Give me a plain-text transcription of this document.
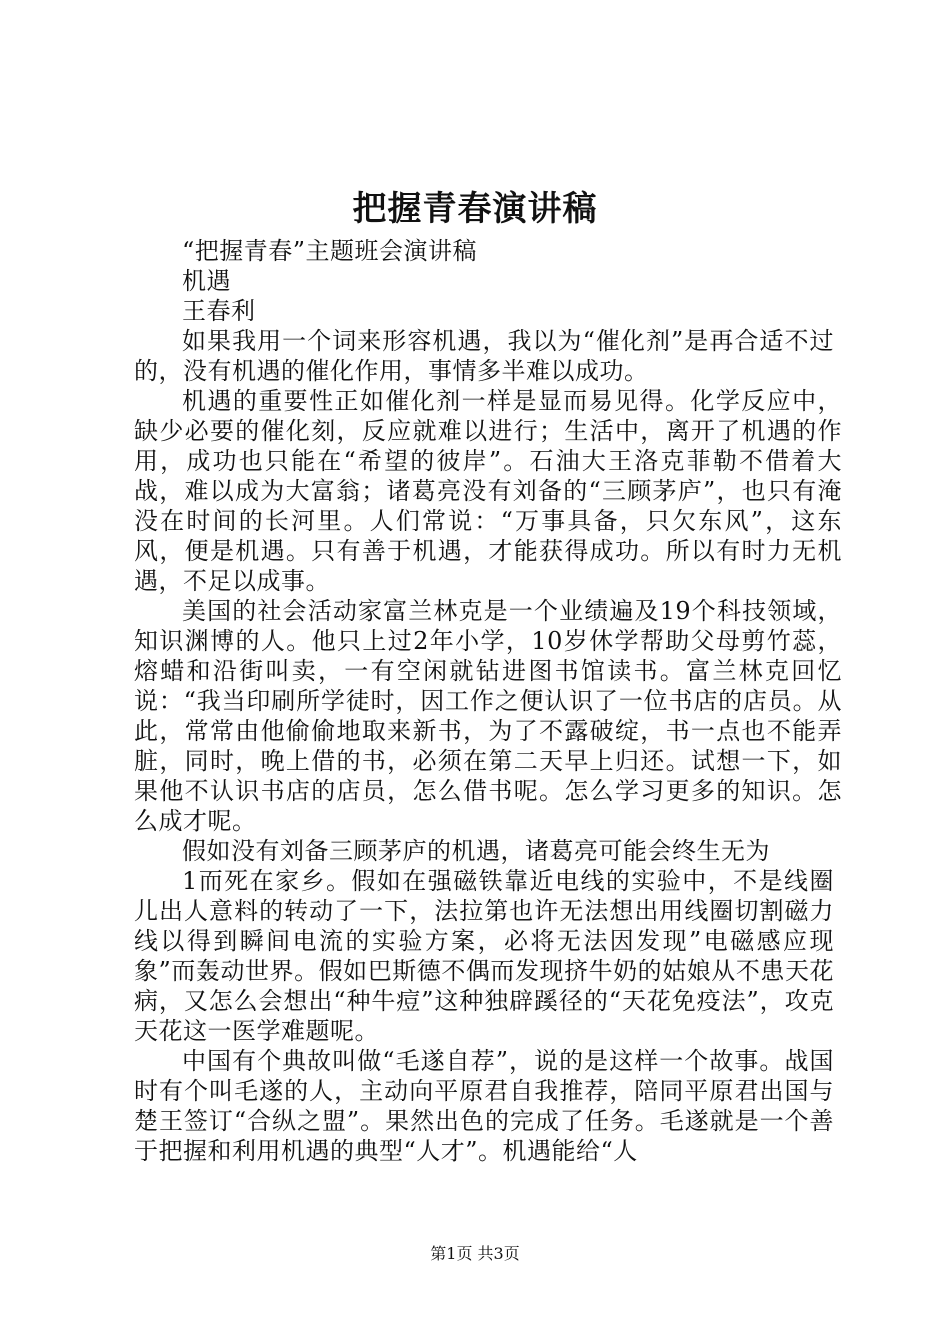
把握青春演讲稿

“把握青春”主题班会演讲稿

机遇

王春利

如果我用一个词来形容机遇，我以为“催化剂”是再合适不过的，没有机遇的催化作用，事情多半难以成功。

机遇的重要性正如催化剂一样是显而易见得。化学反应中，缺少必要的催化刻，反应就难以进行；生活中，离开了机遇的作用，成功也只能在“希望的彼岸”。石油大王洛克菲勒不借着大战，难以成为大富翁；诸葛亮没有刘备的“三顾茅庐”，也只有淹没在时间的长河里。人们常说：“万事具备，只欠东风”，这东风，便是机遇。只有善于机遇，才能获得成功。所以有时力无机遇，不足以成事。

美国的社会活动家富兰林克是一个业绩遍及19个科技领域，知识渊博的人。他只上过2年小学，10岁休学帮助父母剪竹蕊，熔蜡和沿街叫卖，一有空闲就钻进图书馆读书。富兰林克回忆说：“我当印刷所学徒时，因工作之便认识了一位书店的店员。从此，常常由他偷偷地取来新书，为了不露破绽，书一点也不能弄脏，同时，晚上借的书，必须在第二天早上归还。试想一下，如果他不认识书店的店员，怎么借书呢。怎么学习更多的知识。怎么成才呢。

假如没有刘备三顾茅庐的机遇，诸葛亮可能会终生无为

1而死在家乡。假如在强磁铁靠近电线的实验中，不是线圈儿出人意料的转动了一下，法拉第也许无法想出用线圈切割磁力线以得到瞬间电流的实验方案，必将无法因发现”电磁感应现象”而轰动世界。假如巴斯德不偶而发现挤牛奶的姑娘从不患天花病，又怎么会想出“种牛痘”这种独辟蹊径的“天花免疫法”，攻克天花这一医学难题呢。

中国有个典故叫做“毛遂自荐”，说的是这样一个故事。战国时有个叫毛遂的人，主动向平原君自我推荐，陪同平原君出国与楚王签订“合纵之盟”。果然出色的完成了任务。毛遂就是一个善于把握和利用机遇的典型“人才”。机遇能给“人

第1页 共3页
